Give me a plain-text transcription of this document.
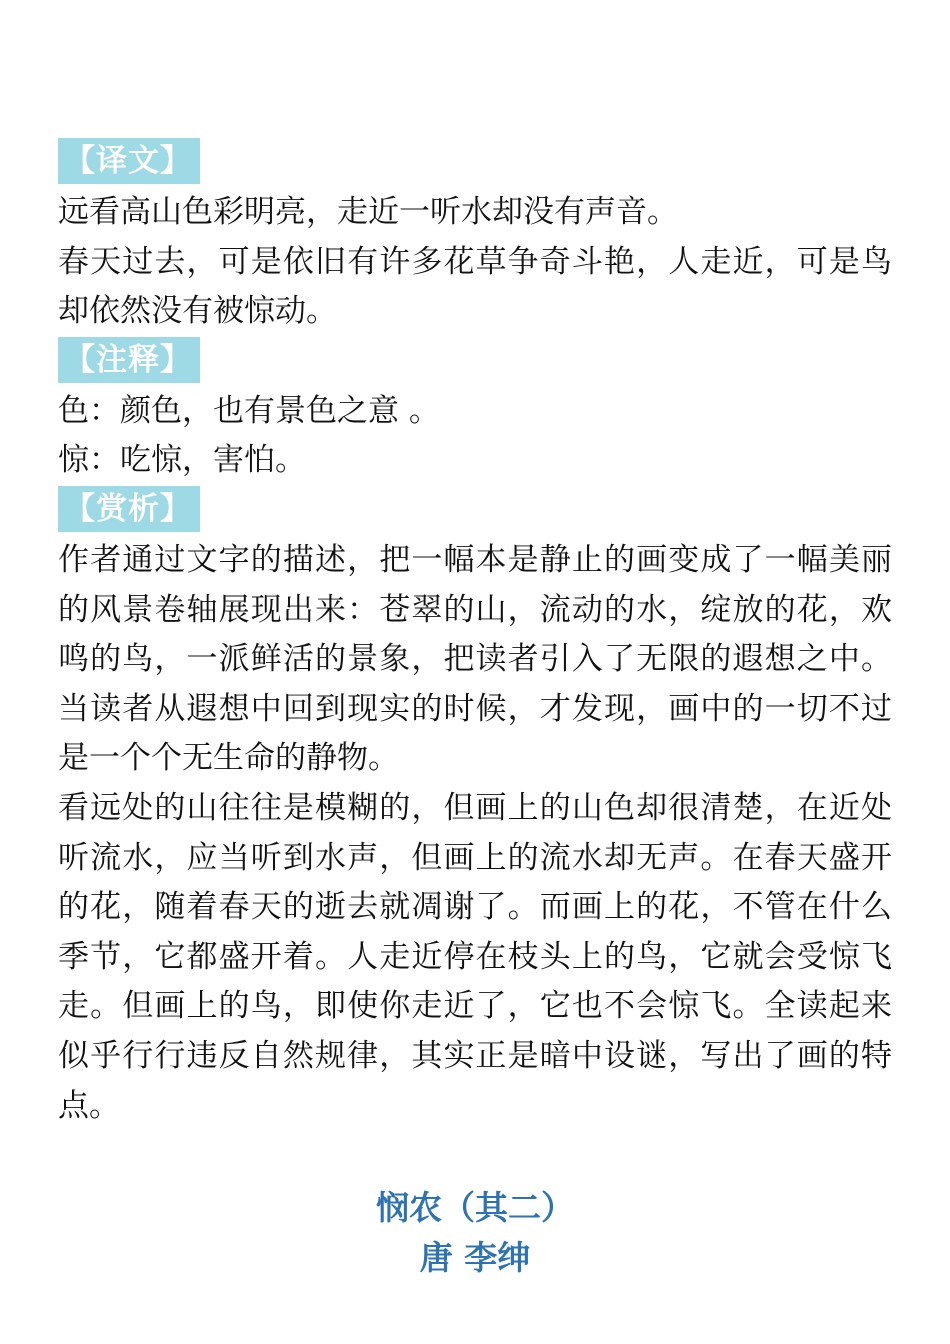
【译文】

远看高山色彩明亮，走近一听水却没有声音。

春天过去，可是依旧有许多花草争奇斗艳，人走近，可是鸟却依然没有被惊动。

【注释】

色：颜色，也有景色之意 。

惊：吃惊，害怕。

【赏析】

作者通过文字的描述，把一幅本是静止的画变成了一幅美丽的风景卷轴展现出来：苍翠的山，流动的水，绽放的花，欢鸣的鸟，一派鲜活的景象，把读者引入了无限的遐想之中。当读者从遐想中回到现实的时候，才发现，画中的一切不过是一个个无生命的静物。

看远处的山往往是模糊的，但画上的山色却很清楚，在近处听流水，应当听到水声，但画上的流水却无声。在春天盛开的花，随着春天的逝去就凋谢了。而画上的花，不管在什么季节，它都盛开着。人走近停在枝头上的鸟，它就会受惊飞走。但画上的鸟，即使你走近了，它也不会惊飞。全读起来似乎行行违反自然规律，其实正是暗中设谜，写出了画的特点。

悯农（其二）
唐 李绅
